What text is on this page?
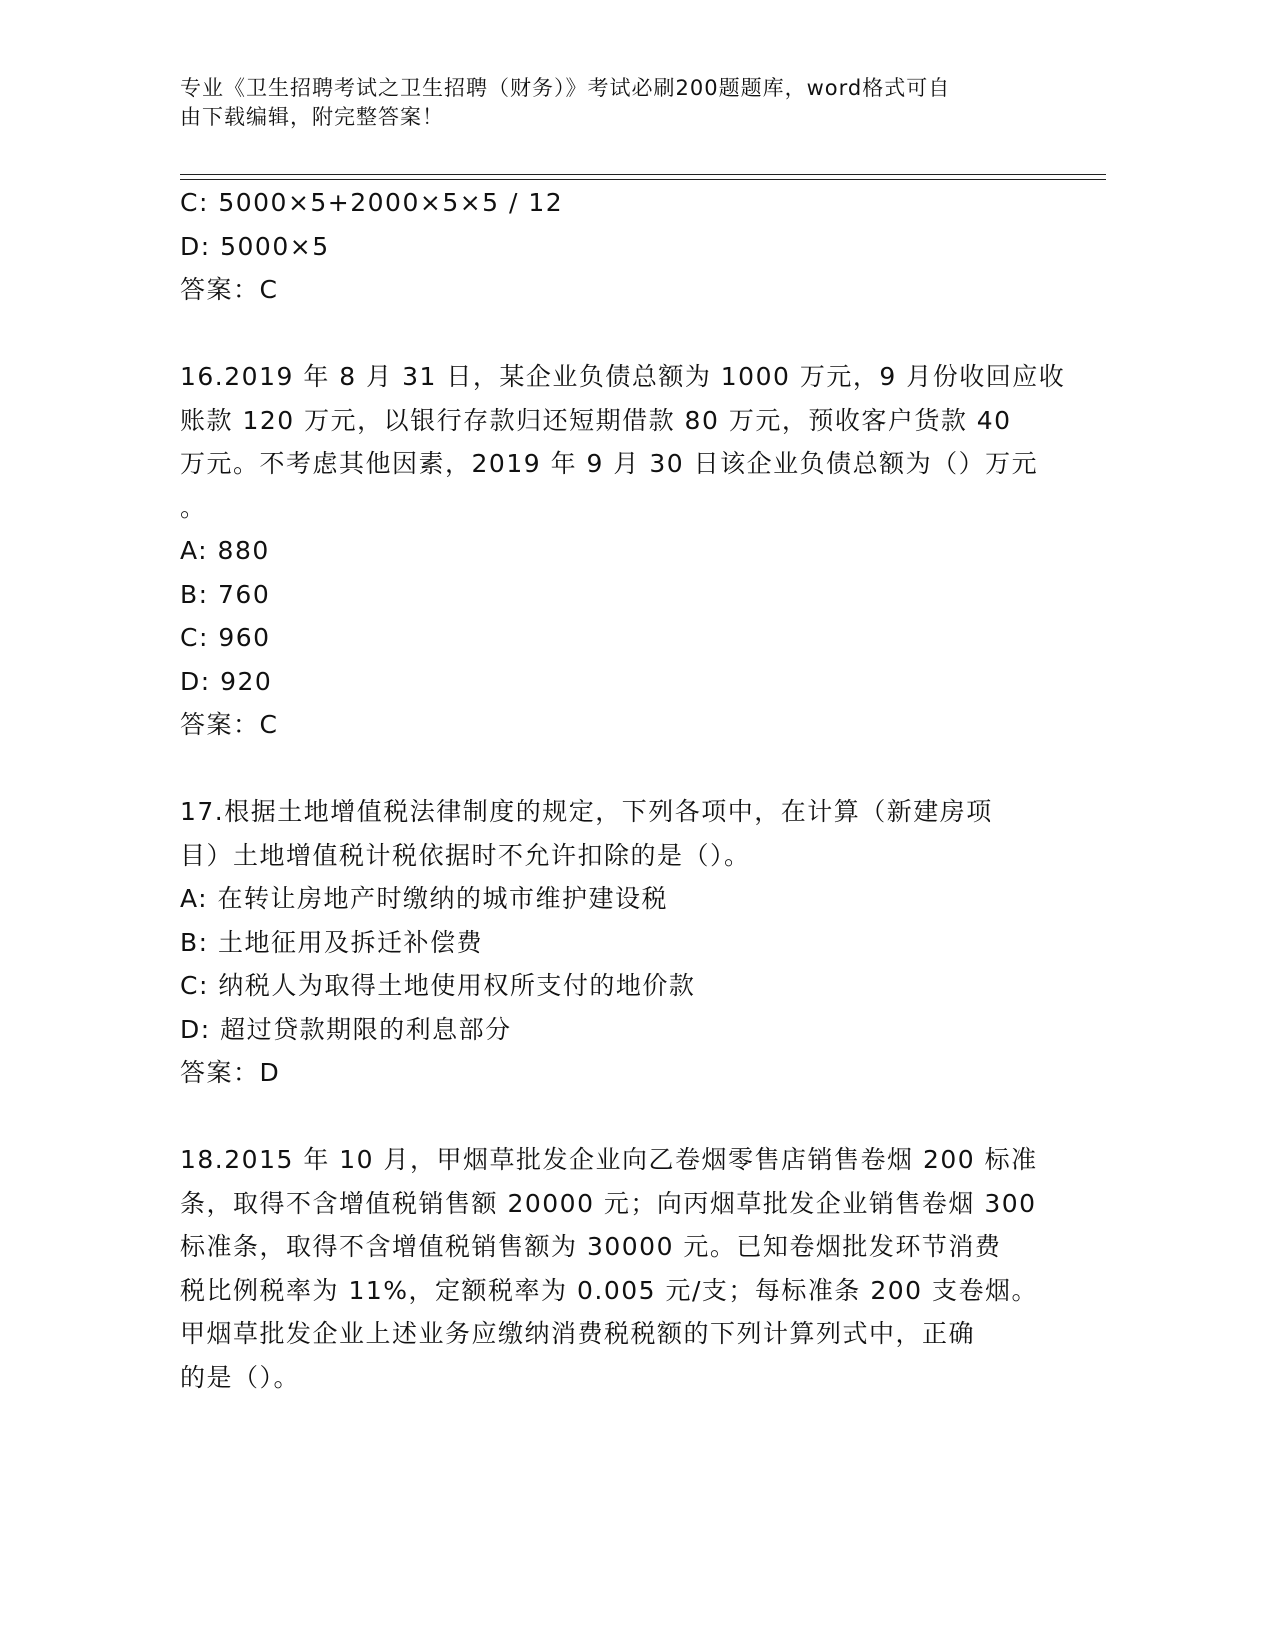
专业《卫生招聘考试之卫生招聘（财务）》考试必刷200题题库，word格式可自
由下载编辑，附完整答案！
C: 5000×5+2000×5×5 / 12
D: 5000×5
答案：C
16.2019 年 8 月 31 日，某企业负债总额为 1000 万元，9 月份收回应收
账款 120 万元，以银行存款归还短期借款 80 万元，预收客户货款 40
万元。不考虑其他因素，2019 年 9 月 30 日该企业负债总额为（）万元
。
A: 880
B: 760
C: 960
D: 920
答案：C
17.根据土地增值税法律制度的规定，下列各项中，在计算（新建房项
目）土地增值税计税依据时不允许扣除的是（）。
A: 在转让房地产时缴纳的城市维护建设税
B: 土地征用及拆迁补偿费
C: 纳税人为取得土地使用权所支付的地价款
D: 超过贷款期限的利息部分
答案：D
18.2015 年 10 月，甲烟草批发企业向乙卷烟零售店销售卷烟 200 标准
条，取得不含增值税销售额 20000 元；向丙烟草批发企业销售卷烟 300
标准条，取得不含增值税销售额为 30000 元。已知卷烟批发环节消费
税比例税率为 11%，定额税率为 0.005 元/支；每标准条 200 支卷烟。
甲烟草批发企业上述业务应缴纳消费税税额的下列计算列式中，正确
的是（）。
